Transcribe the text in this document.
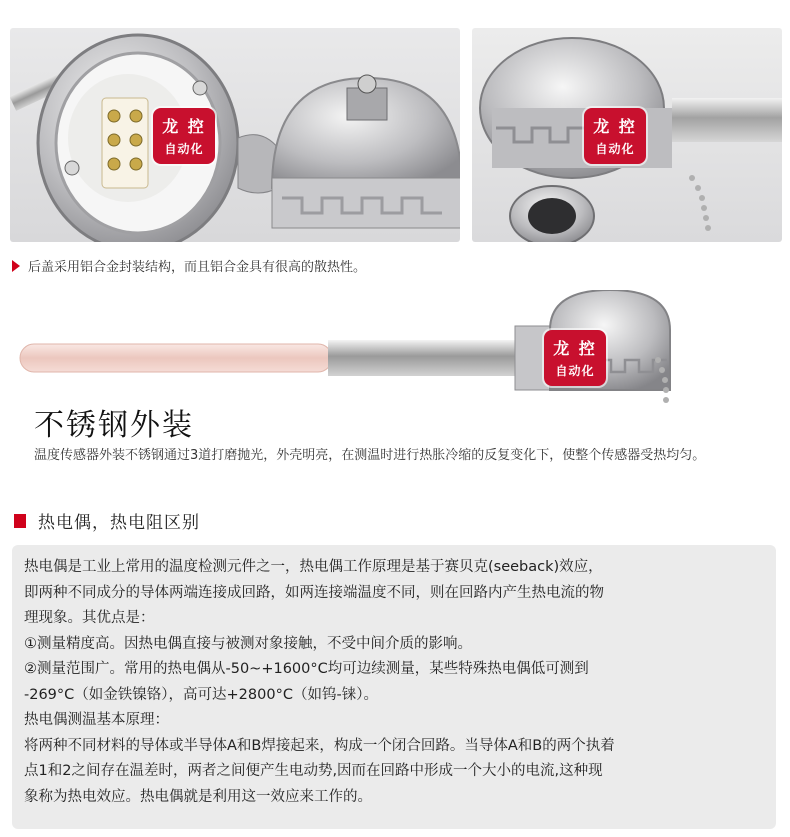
龙 控
自动化
龙 控
自动化
后盖采用铝合金封装结构，而且铝合金具有很高的散热性。
龙 控
自动化
不锈钢外装
温度传感器外装不锈钢通过3道打磨抛光，外壳明亮，在测温时进行热胀冷缩的反复变化下，使整个传感器受热均匀。
热电偶，热电阻区别

热电偶是工业上常用的温度检测元件之一，热电偶工作原理是基于赛贝克(seeback)效应，

即两种不同成分的导体两端连接成回路，如两连接端温度不同，则在回路内产生热电流的物

理现象。其优点是：

①测量精度高。因热电偶直接与被测对象接触，不受中间介质的影响。

②测量范围广。常用的热电偶从-50~+1600°C均可边续测量，某些特殊热电偶低可测到

-269°C（如金铁镍铬），高可达+2800°C（如钨-铼）。

热电偶测温基本原理：

将两种不同材料的导体或半导体A和B焊接起来，构成一个闭合回路。当导体A和B的两个执着

点1和2之间存在温差时，两者之间便产生电动势,因而在回路中形成一个大小的电流,这种现

象称为热电效应。热电偶就是利用这一效应来工作的。
